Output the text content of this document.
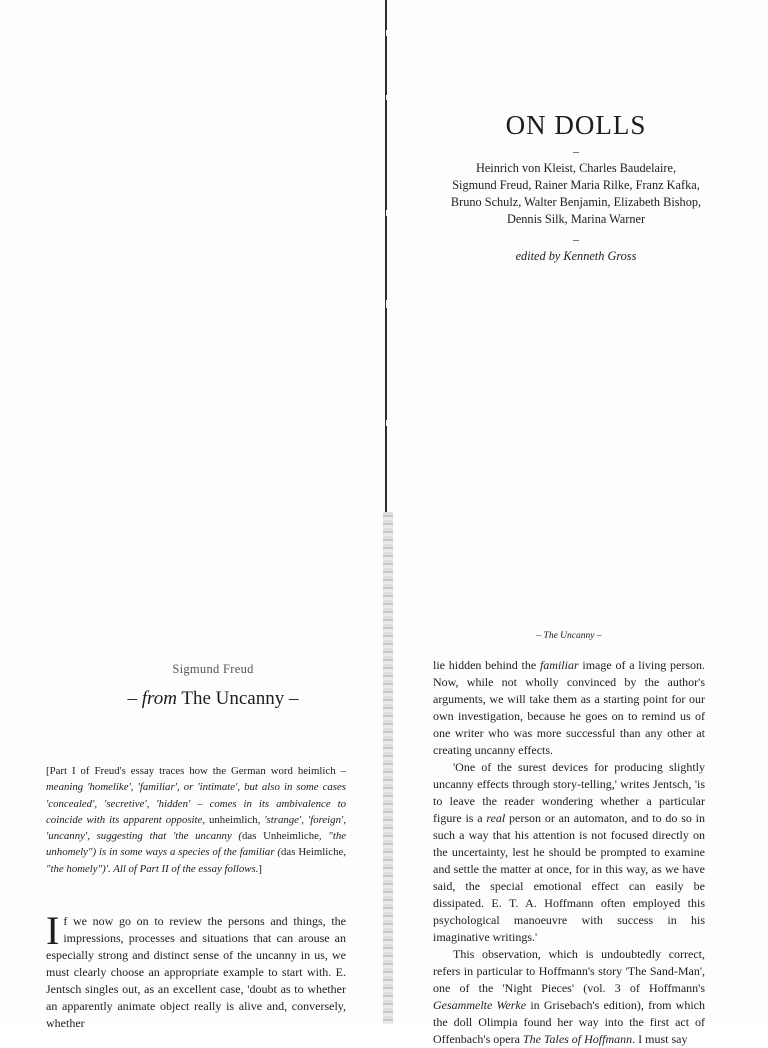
ON DOLLS

–

Heinrich von Kleist, Charles Baudelaire,
Sigmund Freud, Rainer Maria Rilke, Franz Kafka,
Bruno Schulz, Walter Benjamin, Elizabeth Bishop,
Dennis Silk, Marina Warner

–

edited by Kenneth Gross

Sigmund Freud

– from The Uncanny –

[Part I of Freud's essay traces how the German word heimlich – meaning 'homelike', 'familiar', or 'intimate', but also in some cases 'concealed', 'secretive', 'hidden' – comes in its ambivalence to coincide with its apparent opposite, unheimlich, 'strange', 'foreign', 'uncanny', suggesting that 'the uncanny (das Unheimliche, "the unhomely") is in some ways a species of the familiar (das Heimliche, "the homely")'. All of Part II of the essay follows.]

If we now go on to review the persons and things, the impressions, processes and situations that can arouse an especially strong and distinct sense of the uncanny in us, we must clearly choose an appropriate example to start with. E. Jentsch singles out, as an excellent case, 'doubt as to whether an apparently animate object really is alive and, conversely, whether

– The Uncanny –

lie hidden behind the familiar image of a living person. Now, while not wholly convinced by the author's arguments, we will take them as a starting point for our own investigation, because he goes on to remind us of one writer who was more successful than any other at creating uncanny effects.

'One of the surest devices for producing slightly uncanny effects through story-telling,' writes Jentsch, 'is to leave the reader wondering whether a particular figure is a real person or an automaton, and to do so in such a way that his attention is not focused directly on the uncertainty, lest he should be prompted to examine and settle the matter at once, for in this way, as we have said, the special emotional effect can easily be dissipated. E. T. A. Hoffmann often employed this psychological manoeuvre with success in his imaginative writings.'

This observation, which is undoubtedly correct, refers in particular to Hoffmann's story 'The Sand-Man', one of the 'Night Pieces' (vol. 3 of Hoffmann's Gesammelte Werke in Grisebach's edition), from which the doll Olimpia found her way into the first act of Offenbach's opera The Tales of Hoffmann. I must say
